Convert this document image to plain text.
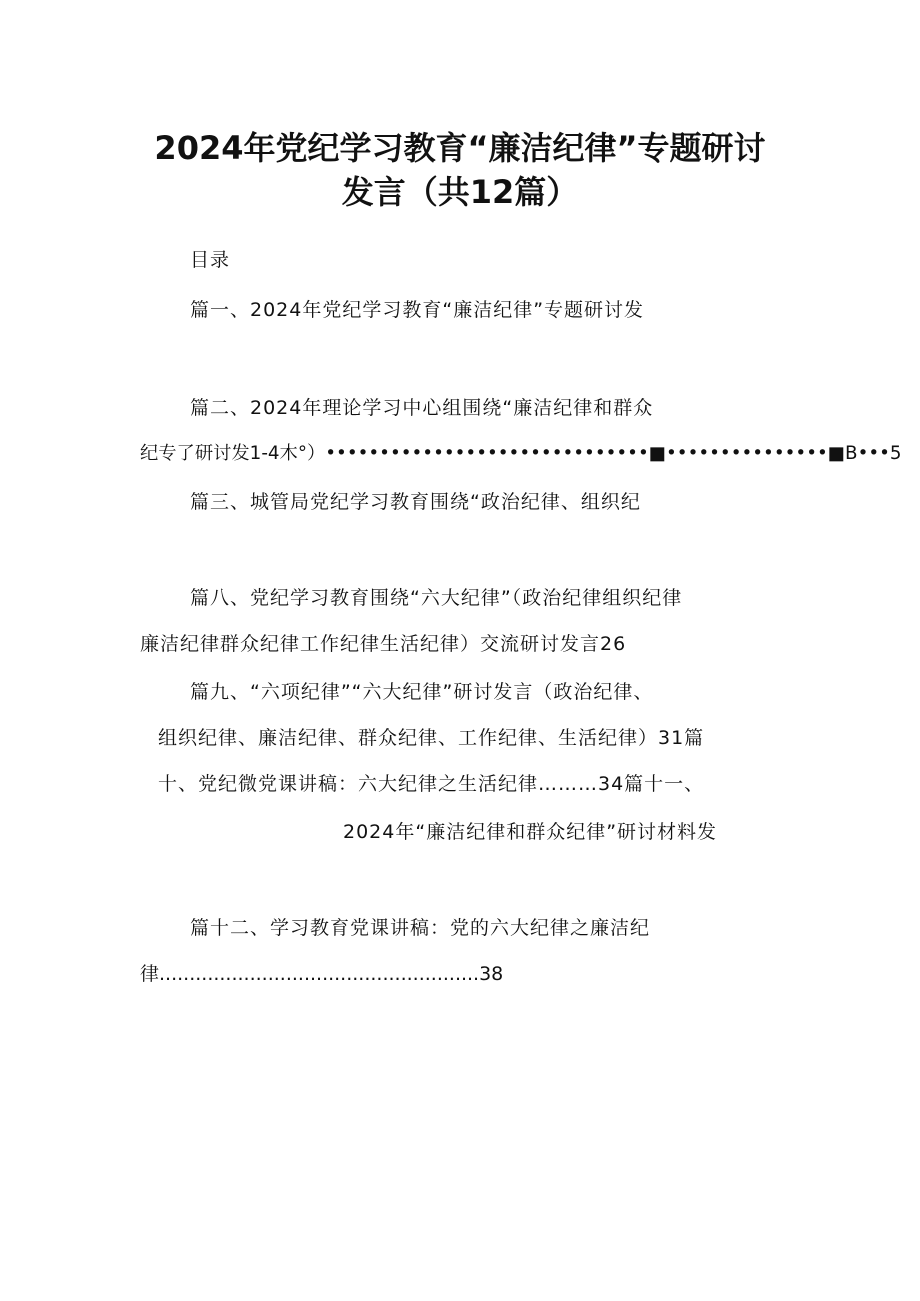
2024年党纪学习教育“廉洁纪律”专题研讨
发言（共12篇）
目录
篇一、2024年党纪学习教育“廉洁纪律”专题研讨发
篇二、2024年理论学习中心组围绕“廉洁纪律和群众
纪专了研讨发1-4木°）••••••••••••••••••••••••••••••■•••••••••••••••■B•••5
篇三、城管局党纪学习教育围绕“政治纪律、组织纪
篇八、党纪学习教育围绕“六大纪律”（政治纪律组织纪律
廉洁纪律群众纪律工作纪律生活纪律）交流研讨发言26
篇九、“六项纪律”“六大纪律”研讨发言（政治纪律、
组织纪律、廉洁纪律、群众纪律、工作纪律、生活纪律）31篇
十、党纪微党课讲稿：六大纪律之生活纪律………34篇十一、
2024年“廉洁纪律和群众纪律”研讨材料发
篇十二、学习教育党课讲稿：党的六大纪律之廉洁纪
律.....................................................38
